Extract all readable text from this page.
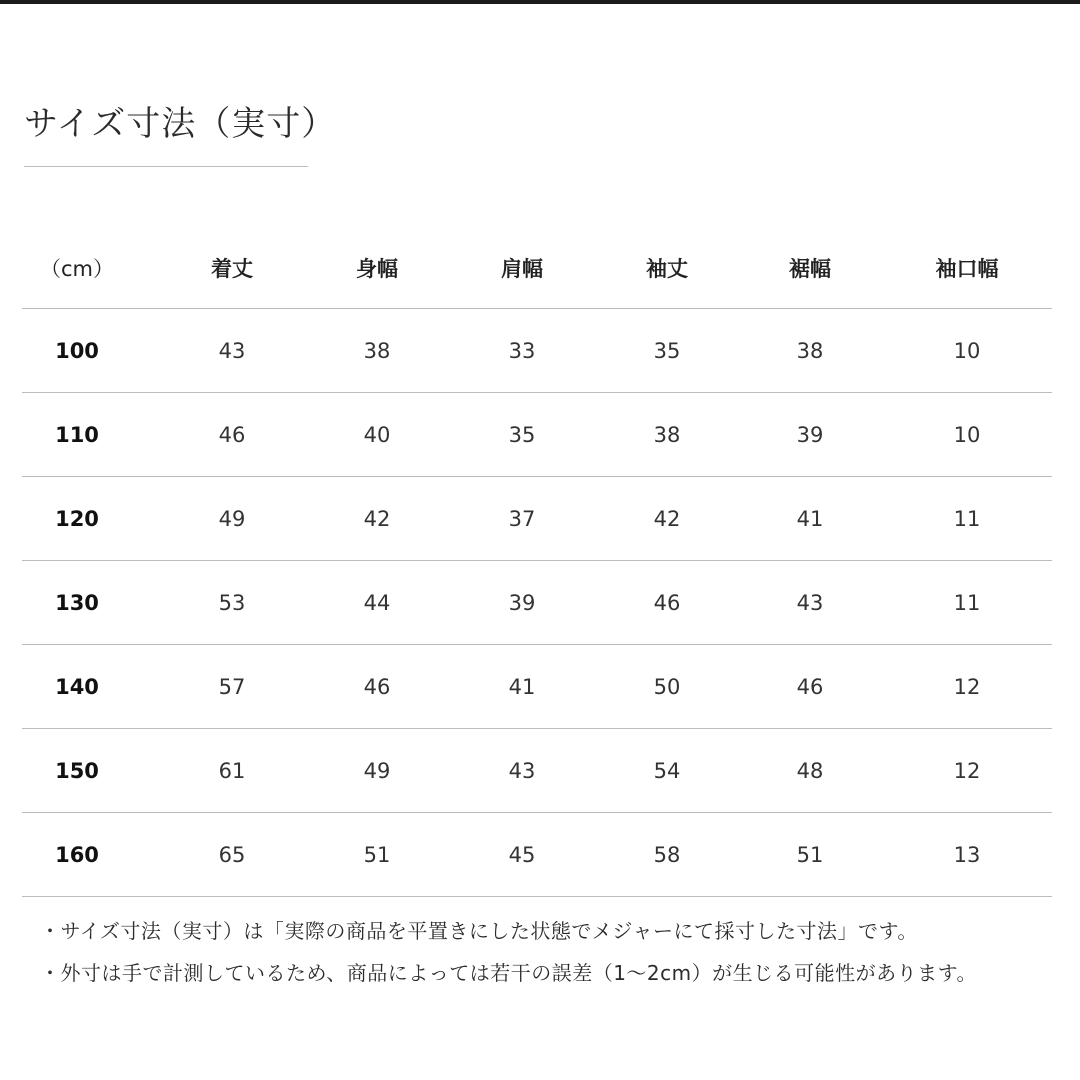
サイズ寸法（実寸）
（cm）	着丈	身幅	肩幅	袖丈	裾幅	袖口幅
100	43	38	33	35	38	10
110	46	40	35	38	39	10
120	49	42	37	42	41	11
130	53	44	39	46	43	11
140	57	46	41	50	46	12
150	61	49	43	54	48	12
160	65	51	45	58	51	13
・サイズ寸法（実寸）は「実際の商品を平置きにした状態でメジャーにて採寸した寸法」です。
・外寸は手で計測しているため、商品によっては若干の誤差（1～2cm）が生じる可能性があります。
